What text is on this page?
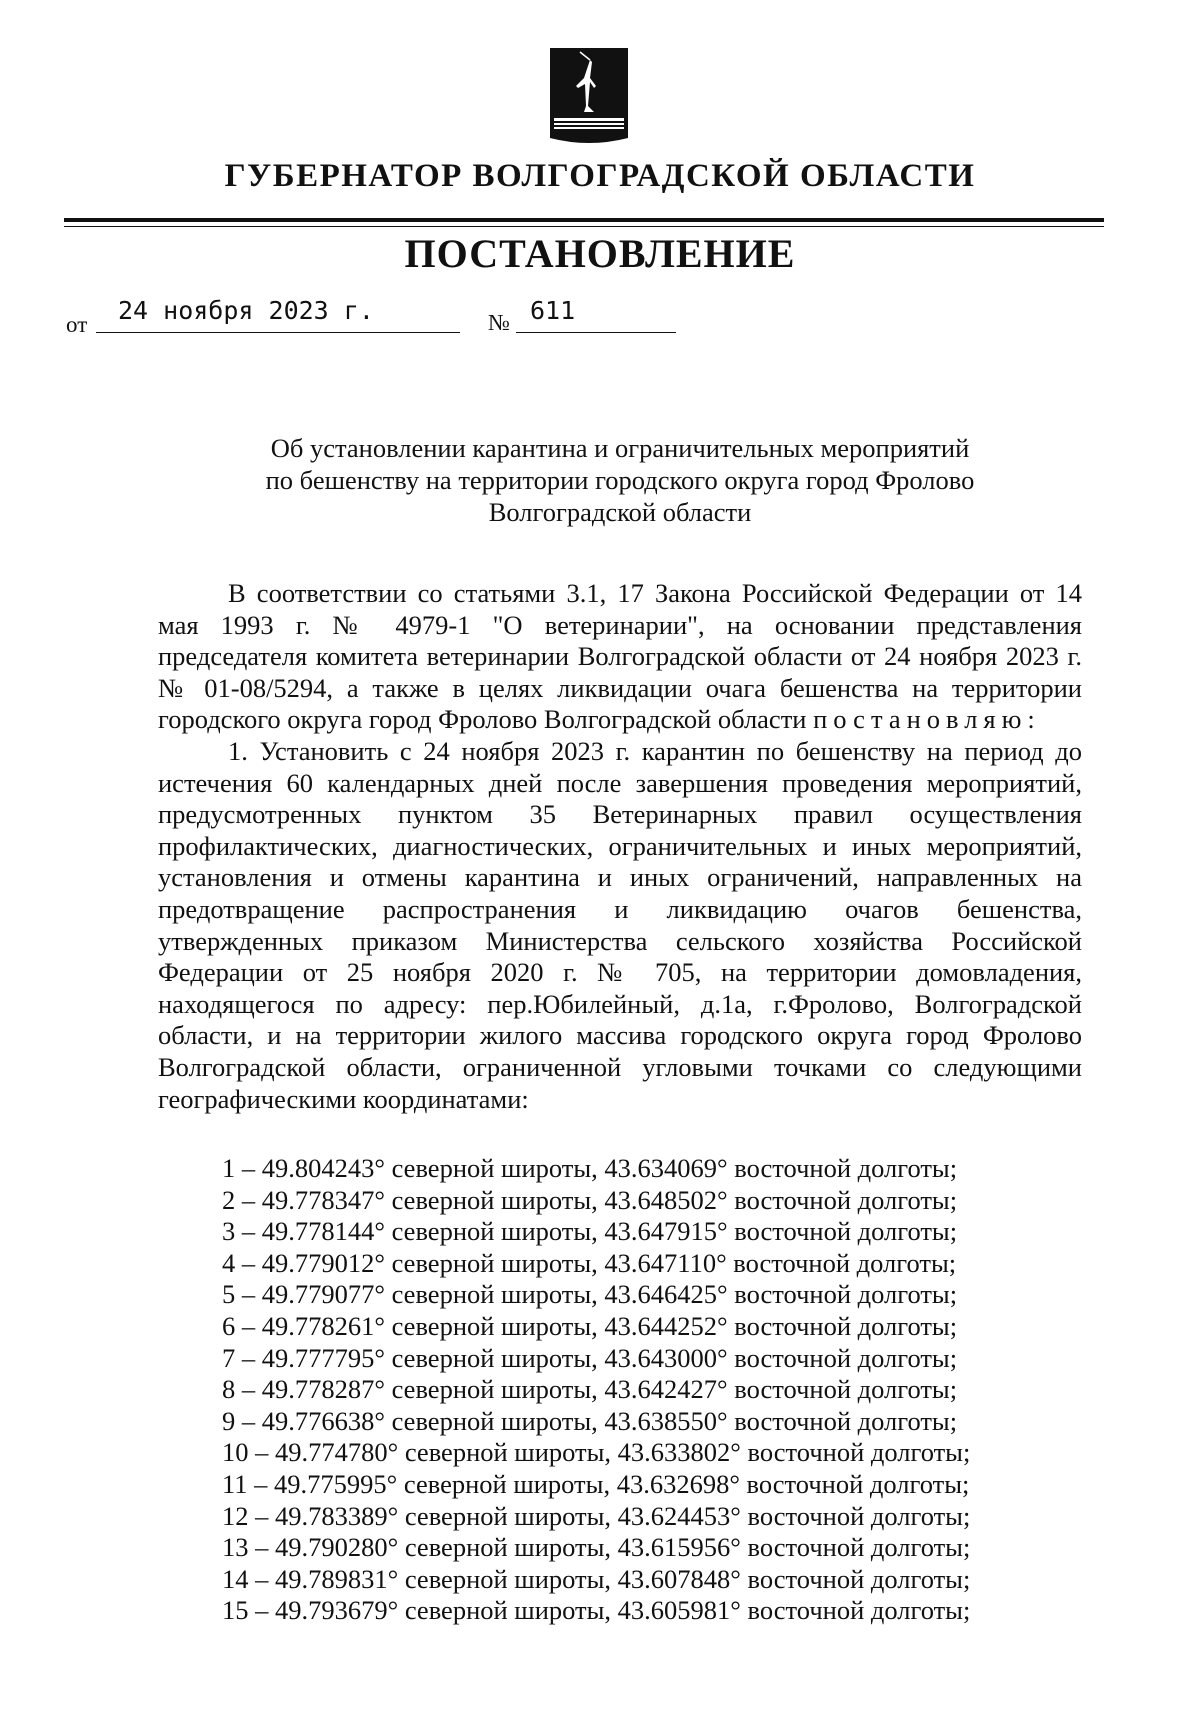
ГУБЕРНАТОР ВОЛГОГРАДСКОЙ ОБЛАСТИ
ПОСТАНОВЛЕНИЕ
от 24 ноября 2023 г.	№ 611
Об установлении карантина и ограничительных мероприятий
по бешенству на территории городского округа город Фролово
Волгоградской области

В соответствии со статьями 3.1, 17 Закона Российской Федерации от 14 мая 1993 г. № 4979-1 "О ветеринарии", на основании представления председателя комитета ветеринарии Волгоградской области от 24 ноября 2023 г. № 01-08/5294, а также в целях ликвидации очага бешенства на территории городского округа город Фролово Волгоградской области постановляю:

1. Установить с 24 ноября 2023 г. карантин по бешенству на период до истечения 60 календарных дней после завершения проведения мероприятий, предусмотренных пунктом 35 Ветеринарных правил осуществления профилактических, диагностических, ограничительных и иных мероприятий, установления и отмены карантина и иных ограничений, направленных на предотвращение распространения и ликвидацию очагов бешенства, утвержденных приказом Министерства сельского хозяйства Российской Федерации от 25 ноября 2020 г. № 705, на территории домовладения, находящегося по адресу: пер.Юбилейный, д.1а, г.Фролово, Волгоградской области, и на территории жилого массива городского округа город Фролово Волгоградской области, ограниченной угловыми точками со следующими географическими координатами:

1 – 49.804243° северной широты, 43.634069° восточной долготы;
2 – 49.778347° северной широты, 43.648502° восточной долготы;
3 – 49.778144° северной широты, 43.647915° восточной долготы;
4 – 49.779012° северной широты, 43.647110° восточной долготы;
5 – 49.779077° северной широты, 43.646425° восточной долготы;
6 – 49.778261° северной широты, 43.644252° восточной долготы;
7 – 49.777795° северной широты, 43.643000° восточной долготы;
8 – 49.778287° северной широты, 43.642427° восточной долготы;
9 – 49.776638° северной широты, 43.638550° восточной долготы;
10 – 49.774780° северной широты, 43.633802° восточной долготы;
11 – 49.775995° северной широты, 43.632698° восточной долготы;
12 – 49.783389° северной широты, 43.624453° восточной долготы;
13 – 49.790280° северной широты, 43.615956° восточной долготы;
14 – 49.789831° северной широты, 43.607848° восточной долготы;
15 – 49.793679° северной широты, 43.605981° восточной долготы;
